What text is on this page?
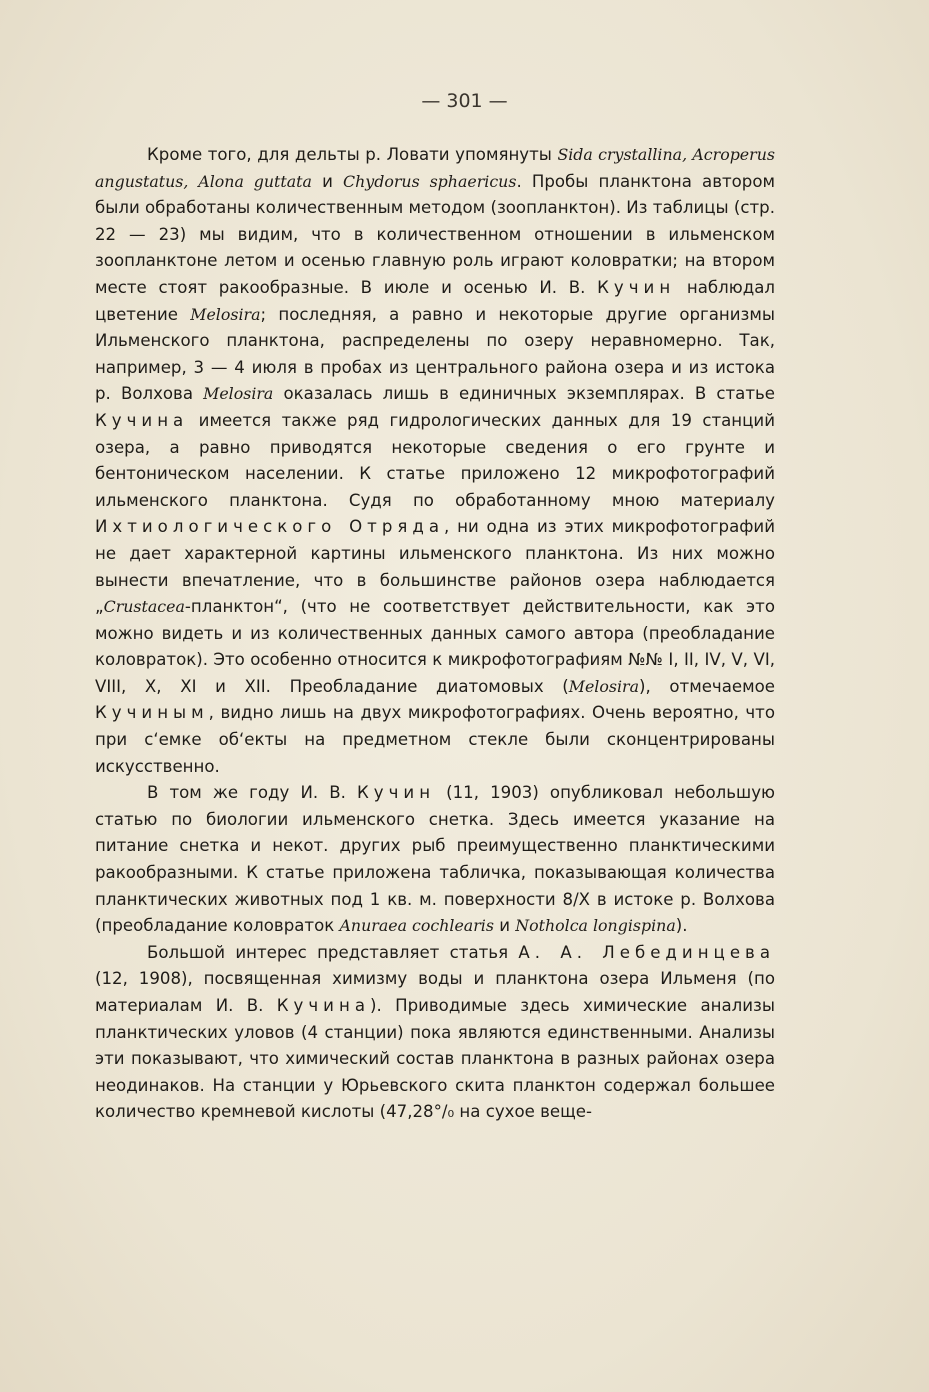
— 301 —

Кроме того, для дельты р. Ловати упомянуты Sida crystallina, Acroperus angustatus, Alona guttata и Chydorus sphaericus. Пробы планктона автором были обработаны количественным методом (зоопланктон). Из таблицы (стр. 22 — 23) мы видим, что в количественном отношении в ильменском зоопланктоне летом и осенью главную роль играют коловратки; на втором месте стоят ракообразные. В июле и осенью И. В. Кучин наблюдал цветение Melosira; последняя, а равно и некоторые другие организмы Ильменского планктона, распределены по озеру неравномерно. Так, например, 3 — 4 июля в пробах из центрального района озера и из истока р. Волхова Melosira оказалась лишь в единичных экземплярах. В статье Кучина имеется также ряд гидрологических данных для 19 станций озера, а равно приводятся некоторые сведения о его грунте и бентоническом населении. К статье приложено 12 микрофотографий ильменского планктона. Судя по обработанному мною материалу Ихтиологического Отряда, ни одна из этих микрофотографий не дает характерной картины ильменского планктона. Из них можно вынести впечатление, что в большинстве районов озера наблюдается „Crustacea-планктон“, (что не соответствует действительности, как это можно видеть и из количественных данных самого автора (преобладание коловраток). Это особенно относится к микрофотографиям №№ I, II, IV, V, VI, VIII, X, XI и XII. Преобладание диатомовых (Melosira), отмечаемое Кучиным, видно лишь на двух микрофотографиях. Очень вероятно, что при с‘емке об‘екты на предметном стекле были сконцентрированы искусственно.

В том же году И. В. Кучин (11, 1903) опубликовал небольшую статью по биологии ильменского снетка. Здесь имеется указание на питание снетка и некот. других рыб преимущественно планктическими ракообразными. К статье приложена табличка, показывающая количества планктических животных под 1 кв. м. поверхности 8/X в истоке р. Волхова (преобладание коловраток Anuraea cochlearis и Notholca longispina).

Большой интерес представляет статья А. А. Лебединцева (12, 1908), посвященная химизму воды и планктона озера Ильменя (по материалам И. В. Кучина). Приводимые здесь химические анализы планктических уловов (4 станции) пока являются единственными. Анализы эти показывают, что химический состав планктона в разных районах озера неодинаков. На станции у Юрьевского скита планктон содержал большее количество кремневой кислоты (47,28°/₀ на сухое веще-
